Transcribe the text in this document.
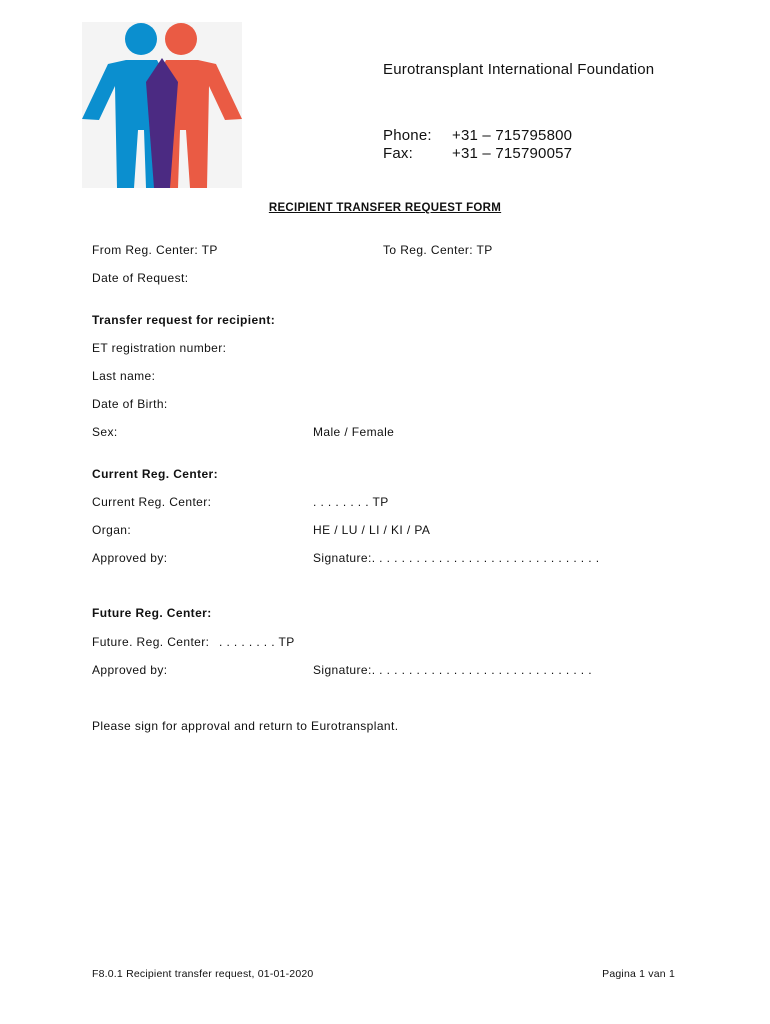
Eurotransplant International Foundation
Phone: +31 – 715795800
Fax:	+31 – 715790057
RECIPIENT TRANSFER REQUEST FORM
From Reg. Center: TP	To Reg. Center: TP
Date of Request:
Transfer request for recipient:
ET registration number:
Last name:
Date of Birth:
Sex:	Male / Female
Current Reg. Center:
Current Reg. Center:	. . . . . . . . TP
Organ:	HE / LU / LI / KI / PA
Approved by:	Signature:. . . . . . . . . . . . . . . . . . . . . . . . . . . . . . .
Future Reg. Center:
Future. Reg. Center: . . . . . . . . TP
Approved by:	Signature:. . . . . . . . . . . . . . . . . . . . . . . . . . . . . .
Please sign for approval and return to Eurotransplant.
F8.0.1 Recipient transfer request, 01-01-2020	Pagina 1 van 1
